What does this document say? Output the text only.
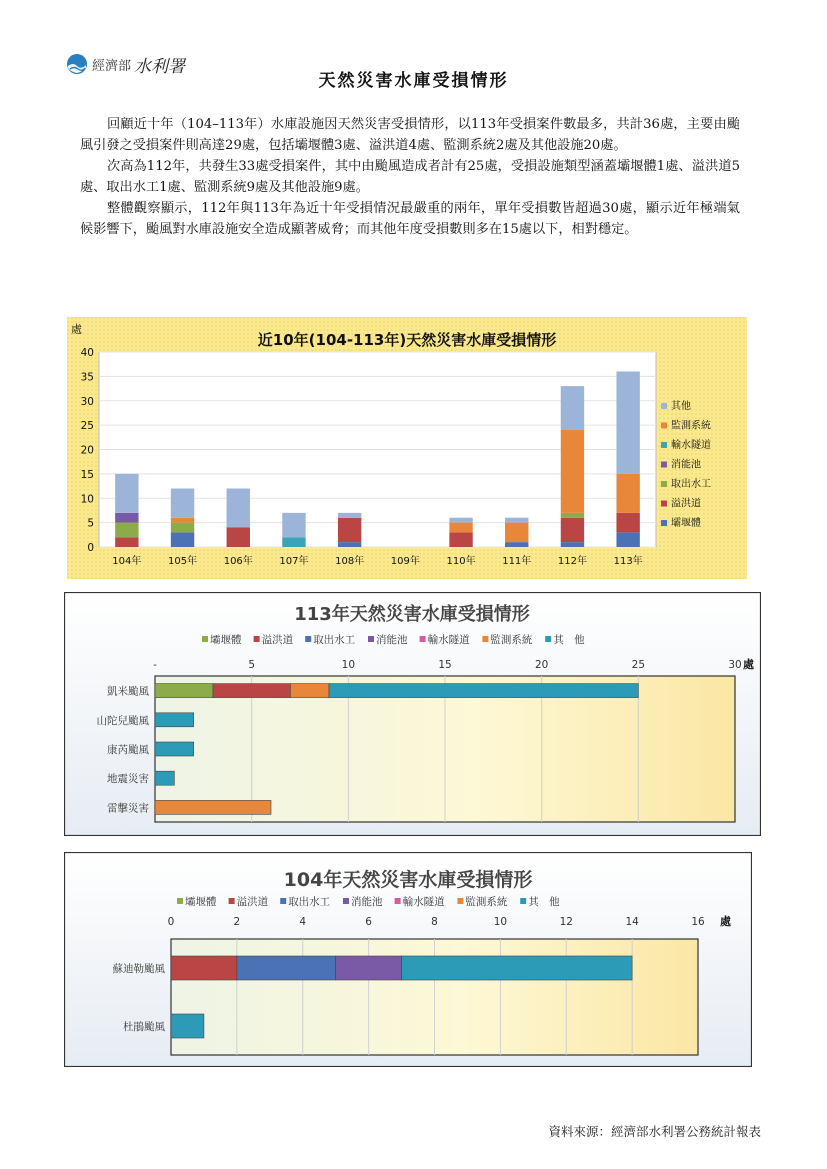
經濟部 水利署
天然災害水庫受損情形

回顧近十年（104–113年）水庫設施因天然災害受損情形，以113年受損案件數最多，共計36處，主要由颱風引發之受損案件則高達29處，包括壩堰體3處、溢洪道4處、監測系統2處及其他設施20處。

次高為112年，共發生33處受損案件，其中由颱風造成者計有25處，受損設施類型涵蓋壩堰體1處、溢洪道5處、取出水工1處、監測系統9處及其他設施9處。

整體觀察顯示，112年與113年為近十年受損情況最嚴重的兩年，單年受損數皆超過30處，顯示近年極端氣候影響下，颱風對水庫設施安全造成顯著威脅；而其他年度受損數則多在15處以下，相對穩定。

近10年(104-113年)天然災害水庫受損情形
處
0
5
10
15
20
25
30
35
40
104年	105年	106年	107年	108年	109年	110年	111年	112年	113年
其他
監測系統
輸水隧道
消能池
取出水工
溢洪道
壩堰體
113年天然災害水庫受損情形
壩堰體 溢洪道 取出水工 消能池 輸水隧道 監測系統 其　他
-	5	10	15	20	25	30 處
凱米颱風
山陀兒颱風
康芮颱風
地震災害
雷擊災害
104年天然災害水庫受損情形
壩堰體 溢洪道 取出水工 消能池 輸水隧道 監測系統 其　他
0	2	4	6	8	10	12	14	16 處
蘇迪勒颱風
杜鵑颱風
資料來源：經濟部水利署公務統計報表
